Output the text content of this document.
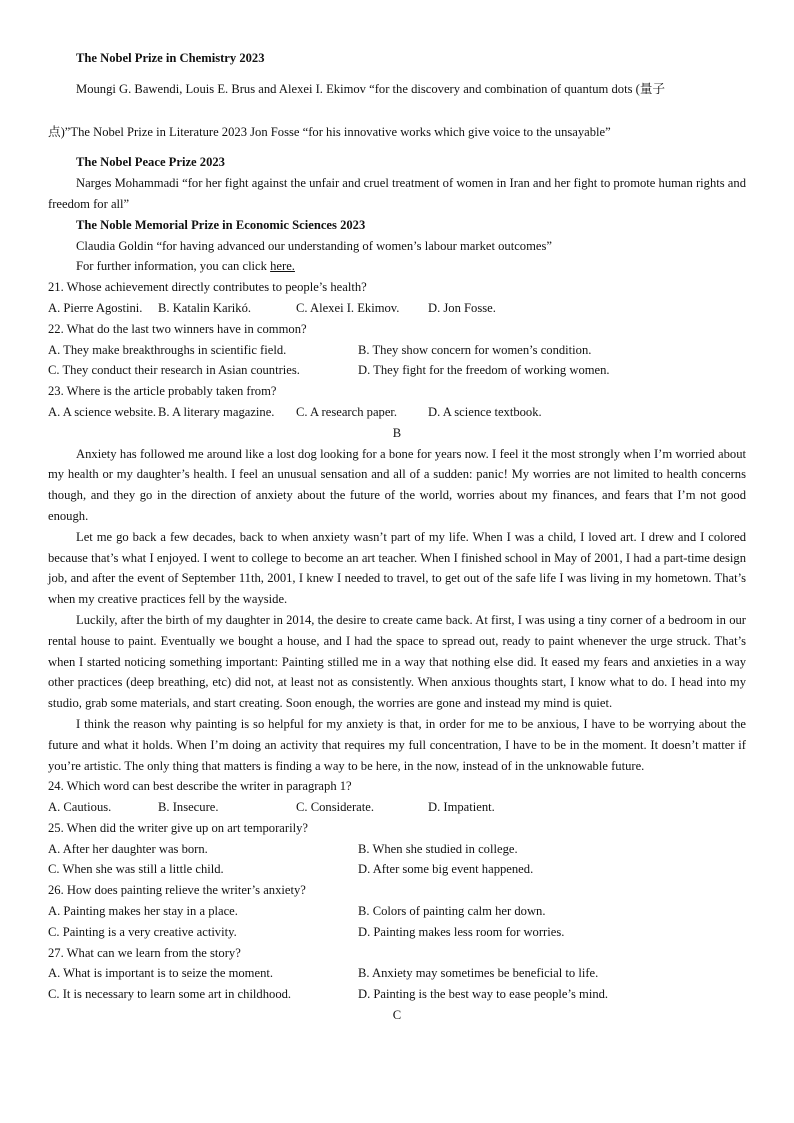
The Nobel Prize in Chemistry 2023

Moungi G. Bawendi, Louis E. Brus and Alexei I. Ekimov “for the discovery and combination of quantum dots (量子

点)”The Nobel Prize in Literature 2023 Jon Fosse “for his innovative works which give voice to the unsayable”

The Nobel Peace Prize 2023

Narges Mohammadi “for her fight against the unfair and cruel treatment of women in Iran and her fight to promote human rights and freedom for all”

The Noble Memorial Prize in Economic Sciences 2023

Claudia Goldin “for having advanced our understanding of women’s labour market outcomes”

For further information, you can click here.

21. Whose achievement directly contributes to people’s health?

A. Pierre Agostini.	B. Katalin Karikó.	C. Alexei I. Ekimov.	D. Jon Fosse.

22. What do the last two winners have in common?

A. They make breakthroughs in scientific field.	B. They show concern for women’s condition.
C. They conduct their research in Asian countries.	D. They fight for the freedom of working women.

23. Where is the article probably taken from?

A. A science website. B. A literary magazine.	C. A research paper.	D. A science textbook.

B

Anxiety has followed me around like a lost dog looking for a bone for years now. I feel it the most strongly when I’m worried about my health or my daughter’s health. I feel an unusual sensation and all of a sudden: panic! My worries are not limited to health concerns though, and they go in the direction of anxiety about the future of the world, worries about my finances, and fears that I’m not good enough.

Let me go back a few decades, back to when anxiety wasn’t part of my life. When I was a child, I loved art. I drew and I colored because that’s what I enjoyed. I went to college to become an art teacher. When I finished school in May of 2001, I had a part-time design job, and after the event of September 11th, 2001, I knew I needed to travel, to get out of the safe life I was living in my hometown. That’s when my creative practices fell by the wayside.

Luckily, after the birth of my daughter in 2014, the desire to create came back. At first, I was using a tiny corner of a bedroom in our rental house to paint. Eventually we bought a house, and I had the space to spread out, ready to paint whenever the urge struck. That’s when I started noticing something important: Painting stilled me in a way that nothing else did. It eased my fears and anxieties in a way other practices (deep breathing, etc) did not, at least not as consistently. When anxious thoughts start, I know what to do. I head into my studio, grab some materials, and start creating. Soon enough, the worries are gone and instead my mind is quiet.

I think the reason why painting is so helpful for my anxiety is that, in order for me to be anxious, I have to be worrying about the future and what it holds. When I’m doing an activity that requires my full concentration, I have to be in the moment. It doesn’t matter if you’re artistic. The only thing that matters is finding a way to be here, in the now, instead of in the unknowable future.

24. Which word can best describe the writer in paragraph 1?

A. Cautious.	B. Insecure.	C. Considerate.	D. Impatient.

25. When did the writer give up on art temporarily?

A. After her daughter was born.	B. When she studied in college.
C. When she was still a little child.	D. After some big event happened.

26. How does painting relieve the writer’s anxiety?

A. Painting makes her stay in a place.	B. Colors of painting calm her down.
C. Painting is a very creative activity.	D. Painting makes less room for worries.

27. What can we learn from the story?

A. What is important is to seize the moment.	B. Anxiety may sometimes be beneficial to life.
C. It is necessary to learn some art in childhood.	D. Painting is the best way to ease people’s mind.

C
